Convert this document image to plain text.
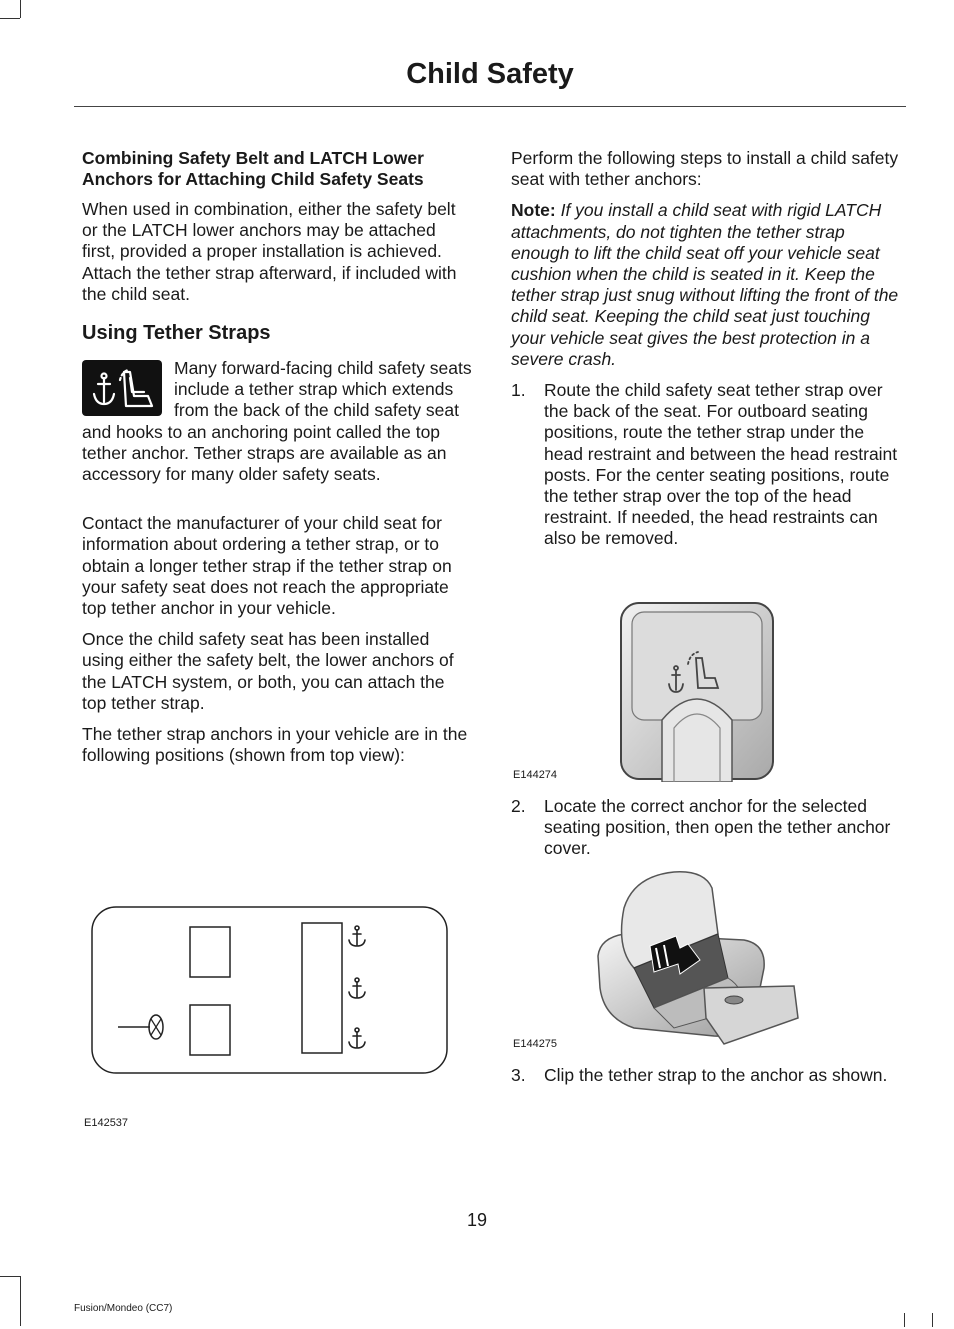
Child Safety
Combining Safety Belt and LATCH Lower Anchors for Attaching Child Safety Seats

When used in combination, either the safety belt or the LATCH lower anchors may be attached first, provided a proper installation is achieved. Attach the tether strap afterward, if included with the child seat.

Using Tether Straps

Many forward-facing child safety seats include a tether strap which extends from the back of the child safety seat and hooks to an anchoring point called the top tether anchor. Tether straps are available as an accessory for many older safety seats.

Contact the manufacturer of your child seat for information about ordering a tether strap, or to obtain a longer tether strap if the tether strap on your safety seat does not reach the appropriate top tether anchor in your vehicle.

Once the child safety seat has been installed using either the safety belt, the lower anchors of the LATCH system, or both, you can attach the top tether strap.

The tether strap anchors in your vehicle are in the following positions (shown from top view):

E142537

Perform the following steps to install a child safety seat with tether anchors:

Note: If you install a child seat with rigid LATCH attachments, do not tighten the tether strap enough to lift the child seat off your vehicle seat cushion when the child is seated in it. Keep the tether strap just snug without lifting the front of the child seat. Keeping the child seat just touching your vehicle seat gives the best protection in a severe crash.

1.	Route the child safety seat tether strap over the back of the seat. For outboard seating positions, route the tether strap under the head restraint and between the head restraint posts. For the center seating positions, route the tether strap over the top of the head restraint. If needed, the head restraints can also be removed.
E144274
2.	Locate the correct anchor for the selected seating position, then open the tether anchor cover.
E144275
3.	Clip the tether strap to the anchor as shown.
19
Fusion/Mondeo (CC7)
